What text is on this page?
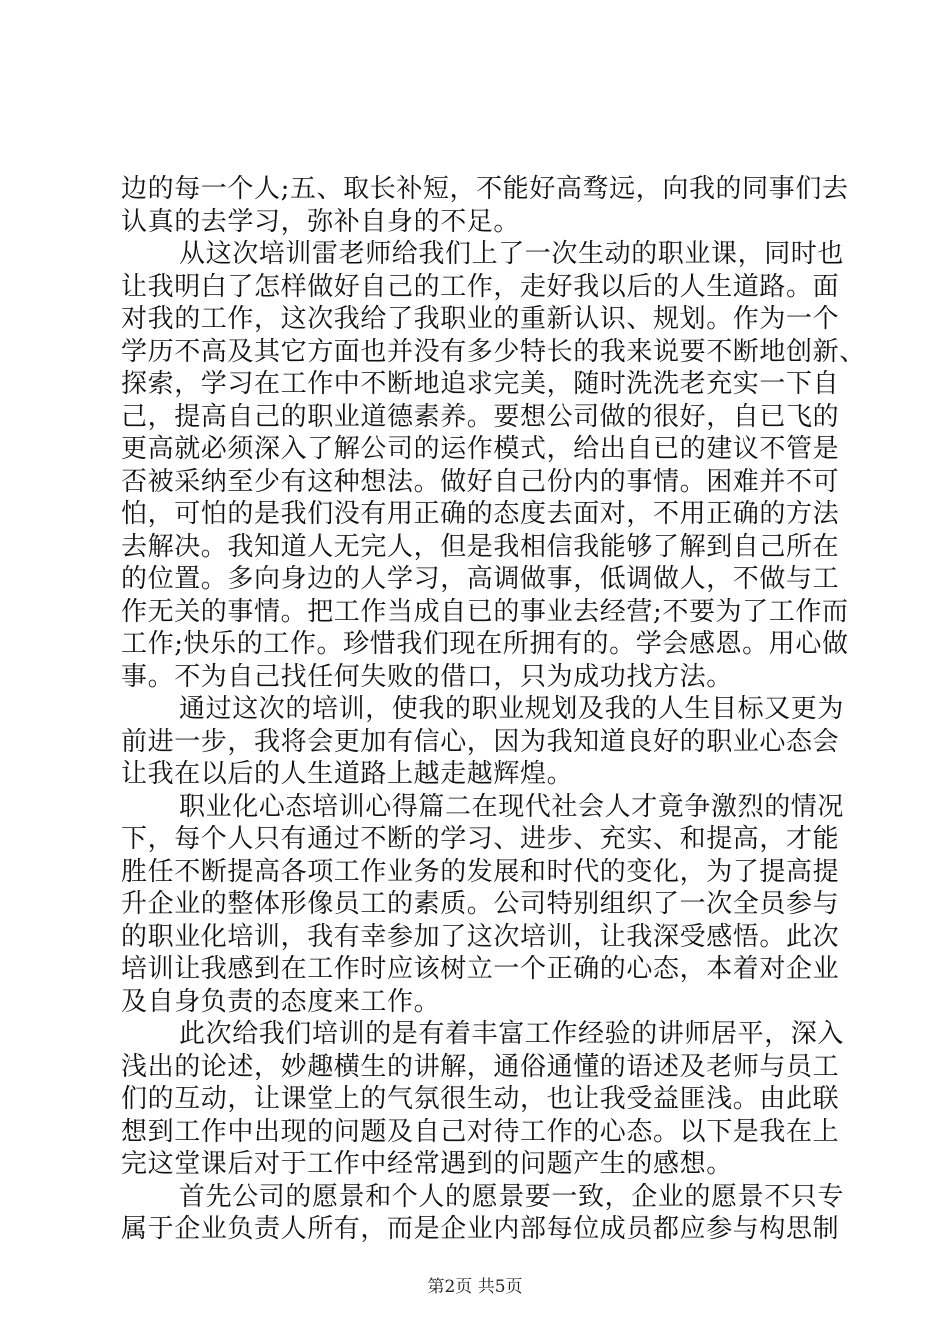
边的每一个人;五、取长补短，不能好高骛远，向我的同事们去
认真的去学习，弥补自身的不足。
从这次培训雷老师给我们上了一次生动的职业课，同时也
让我明白了怎样做好自己的工作，走好我以后的人生道路。面
对我的工作，这次我给了我职业的重新认识、规划。作为一个
学历不高及其它方面也并没有多少特长的我来说要不断地创新、
探索，学习在工作中不断地追求完美，随时洗洗老充实一下自
己，提高自己的职业道德素养。要想公司做的很好，自已飞的
更高就必须深入了解公司的运作模式，给出自已的建议不管是
否被采纳至少有这种想法。做好自己份内的事情。困难并不可
怕，可怕的是我们没有用正确的态度去面对，不用正确的方法
去解决。我知道人无完人，但是我相信我能够了解到自己所在
的位置。多向身边的人学习，高调做事，低调做人，不做与工
作无关的事情。把工作当成自已的事业去经营;不要为了工作而
工作;快乐的工作。珍惜我们现在所拥有的。学会感恩。用心做
事。不为自己找任何失败的借口，只为成功找方法。
通过这次的培训，使我的职业规划及我的人生目标又更为
前进一步，我将会更加有信心，因为我知道良好的职业心态会
让我在以后的人生道路上越走越辉煌。
职业化心态培训心得篇二在现代社会人才竟争激烈的情况
下，每个人只有通过不断的学习、进步、充实、和提高，才能
胜任不断提高各项工作业务的发展和时代的变化，为了提高提
升企业的整体形像员工的素质。公司特别组织了一次全员参与
的职业化培训，我有幸参加了这次培训，让我深受感悟。此次
培训让我感到在工作时应该树立一个正确的心态，本着对企业
及自身负责的态度来工作。
此次给我们培训的是有着丰富工作经验的讲师居平，深入
浅出的论述，妙趣横生的讲解，通俗通懂的语述及老师与员工
们的互动，让课堂上的气氛很生动，也让我受益匪浅。由此联
想到工作中出现的问题及自己对待工作的心态。以下是我在上
完这堂课后对于工作中经常遇到的问题产生的感想。
首先公司的愿景和个人的愿景要一致，企业的愿景不只专
属于企业负责人所有，而是企业内部每位成员都应参与构思制
第2页 共5页
